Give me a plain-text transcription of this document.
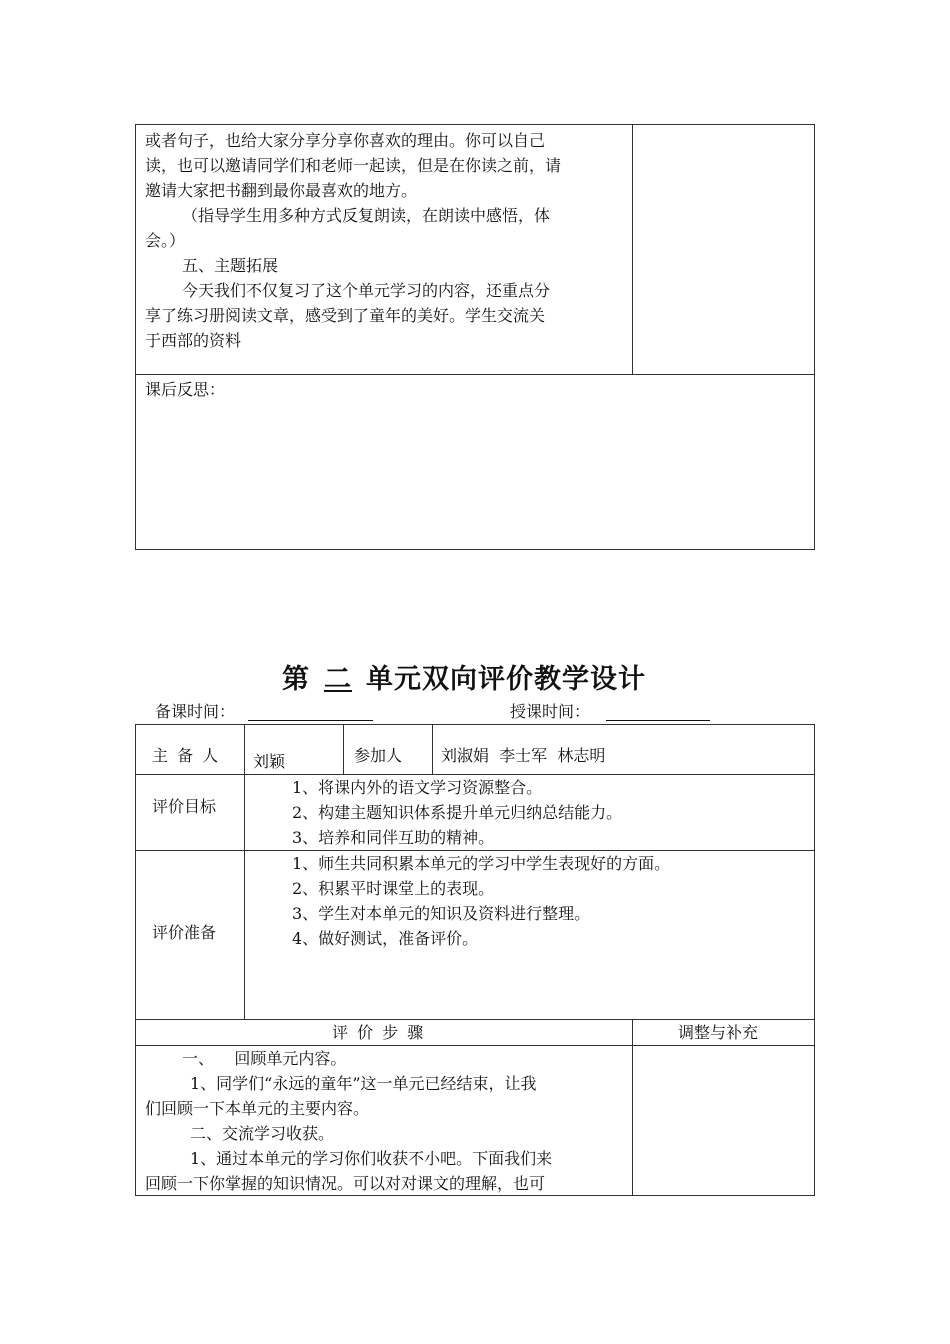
或者句子，也给大家分享分享你喜欢的理由。你可以自己
读，也可以邀请同学们和老师一起读，但是在你读之前，请
邀请大家把书翻到最你最喜欢的地方。
（指导学生用多种方式反复朗读，在朗读中感悟，体
会。）
五、主题拓展
今天我们不仅复习了这个单元学习的内容，还重点分
享了练习册阅读文章，感受到了童年的美好。学生交流关
于西部的资料
课后反思：
第 二 单元双向评价教学设计
备课时间：	授课时间：
主 备 人 刘颖	参加人 刘淑娟  李士军  林志明
评价目标
1、将课内外的语文学习资源整合。
2、构建主题知识体系提升单元归纳总结能力。
3、培养和同伴互助的精神。
评价准备
1、师生共同积累本单元的学习中学生表现好的方面。
2、积累平时课堂上的表现。
3、学生对本单元的知识及资料进行整理。
4、做好测试，准备评价。
评 价 步 骤	调整与补充
一、    回顾单元内容。
1、同学们“永远的童年”这一单元已经结束，让我
们回顾一下本单元的主要内容。
二、交流学习收获。
1、通过本单元的学习你们收获不小吧。下面我们来
回顾一下你掌握的知识情况。可以对对课文的理解，也可
